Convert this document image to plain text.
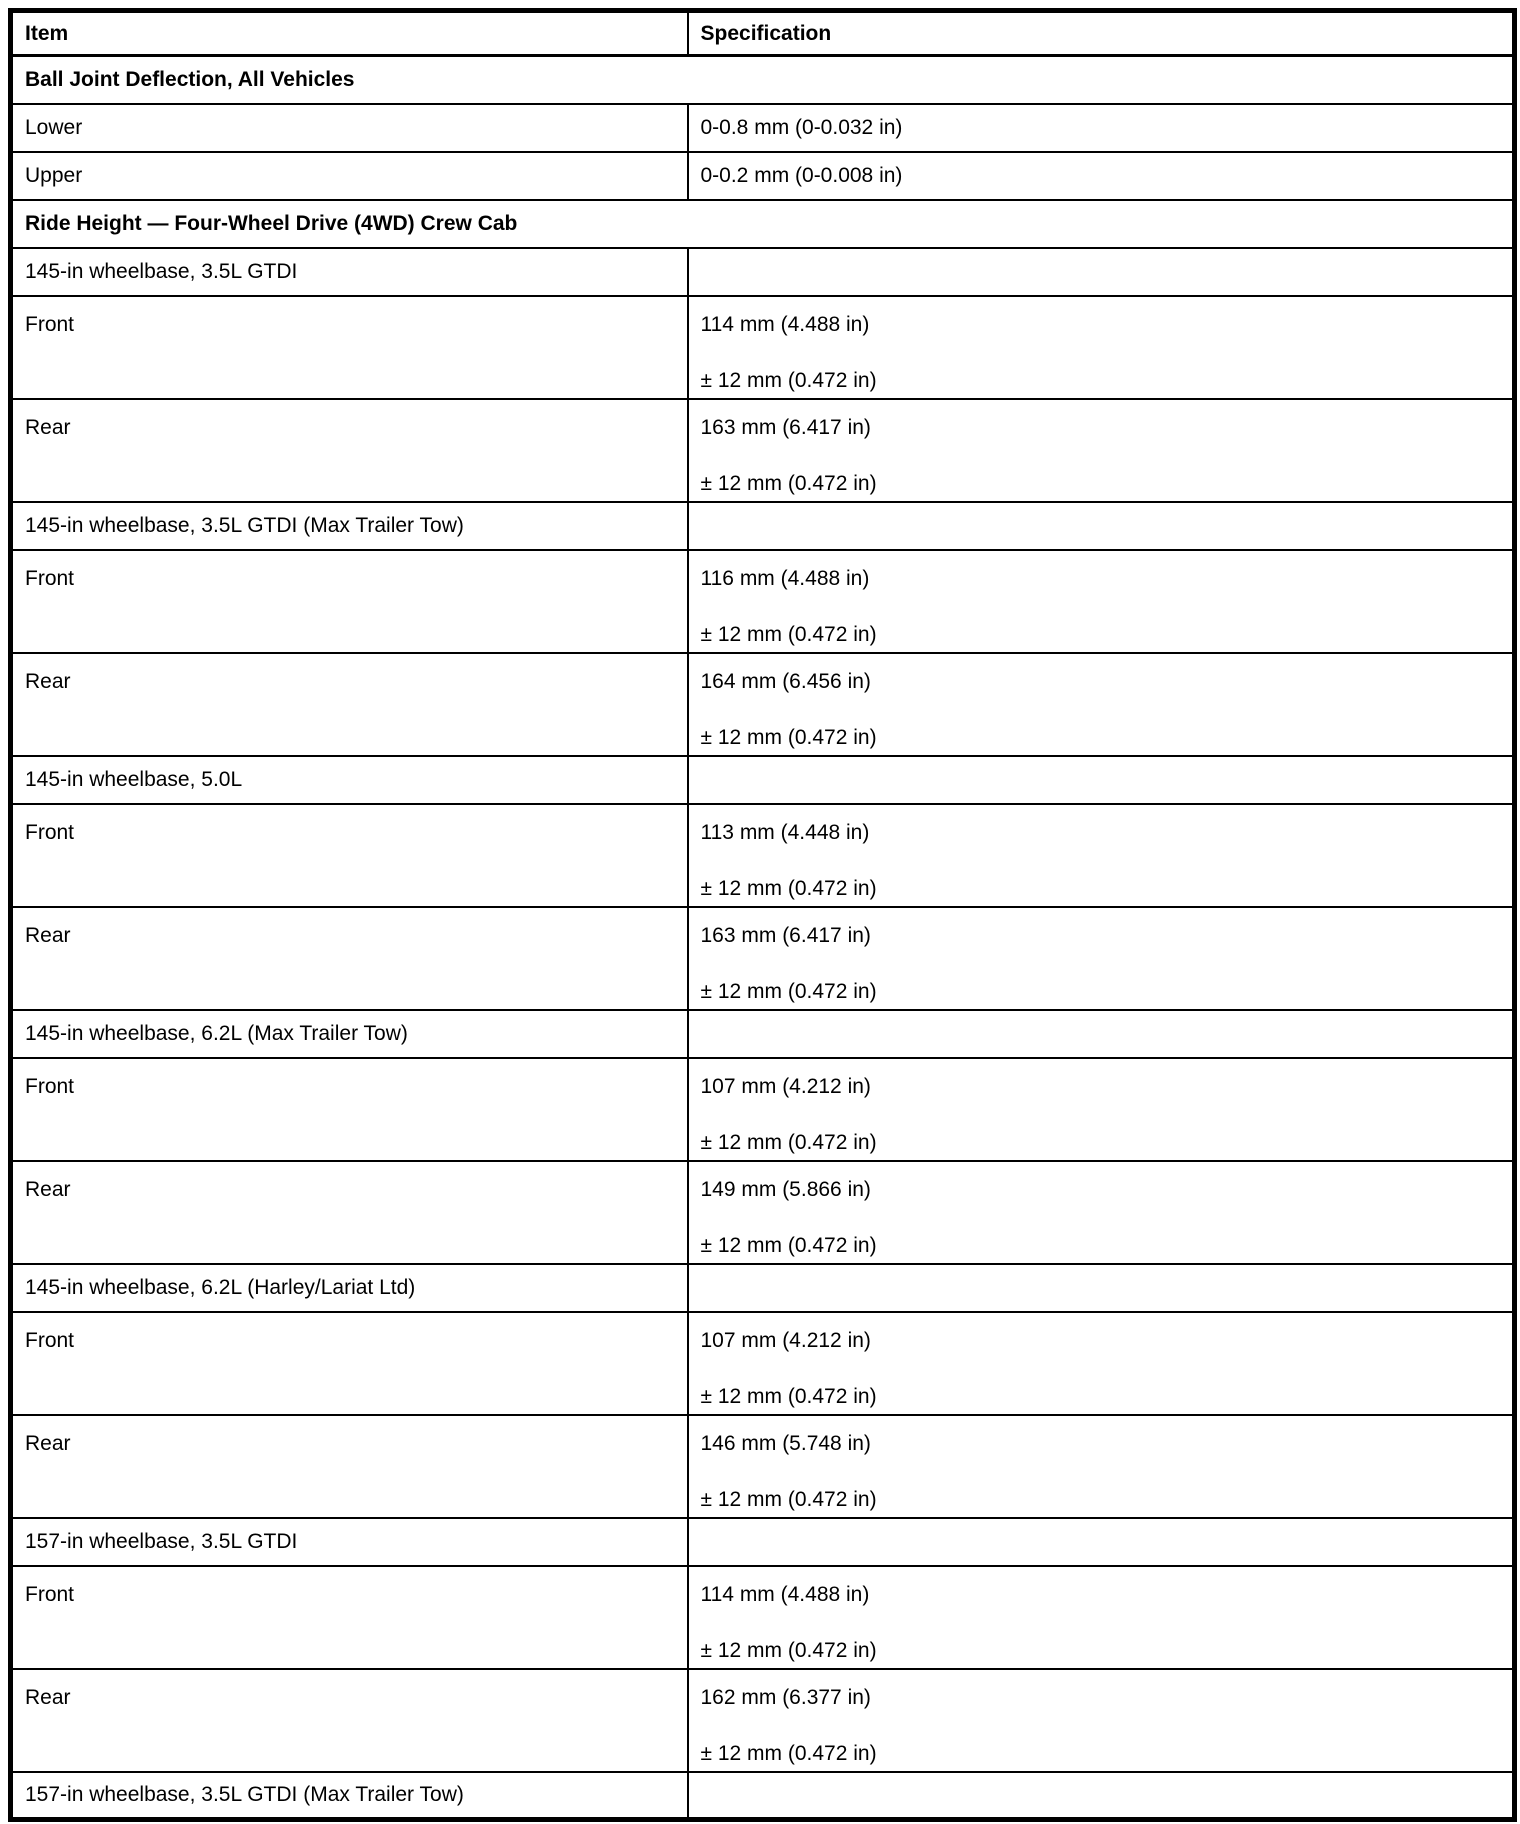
Item	Specification
Ball Joint Deflection, All Vehicles	
Lower	0-0.8 mm (0-0.032 in)

Upper	0-0.2 mm (0-0.008 in)

Ride Height — Four-Wheel Drive (4WD) Crew Cab	
145-in wheelbase, 3.5L GTDI	
Front	114 mm (4.488 in)
± 12 mm (0.472 in)

Rear	163 mm (6.417 in)
± 12 mm (0.472 in)

145-in wheelbase, 3.5L GTDI (Max Trailer Tow)	
Front	116 mm (4.488 in)
± 12 mm (0.472 in)

Rear	164 mm (6.456 in)
± 12 mm (0.472 in)

145-in wheelbase, 5.0L	
Front	113 mm (4.448 in)
± 12 mm (0.472 in)

Rear	163 mm (6.417 in)
± 12 mm (0.472 in)

145-in wheelbase, 6.2L (Max Trailer Tow)	
Front	107 mm (4.212 in)
± 12 mm (0.472 in)

Rear	149 mm (5.866 in)
± 12 mm (0.472 in)

145-in wheelbase, 6.2L (Harley/Lariat Ltd)	
Front	107 mm (4.212 in)
± 12 mm (0.472 in)

Rear	146 mm (5.748 in)
± 12 mm (0.472 in)

157-in wheelbase, 3.5L GTDI	
Front	114 mm (4.488 in)
± 12 mm (0.472 in)

Rear	162 mm (6.377 in)
± 12 mm (0.472 in)

157-in wheelbase, 3.5L GTDI (Max Trailer Tow)	
